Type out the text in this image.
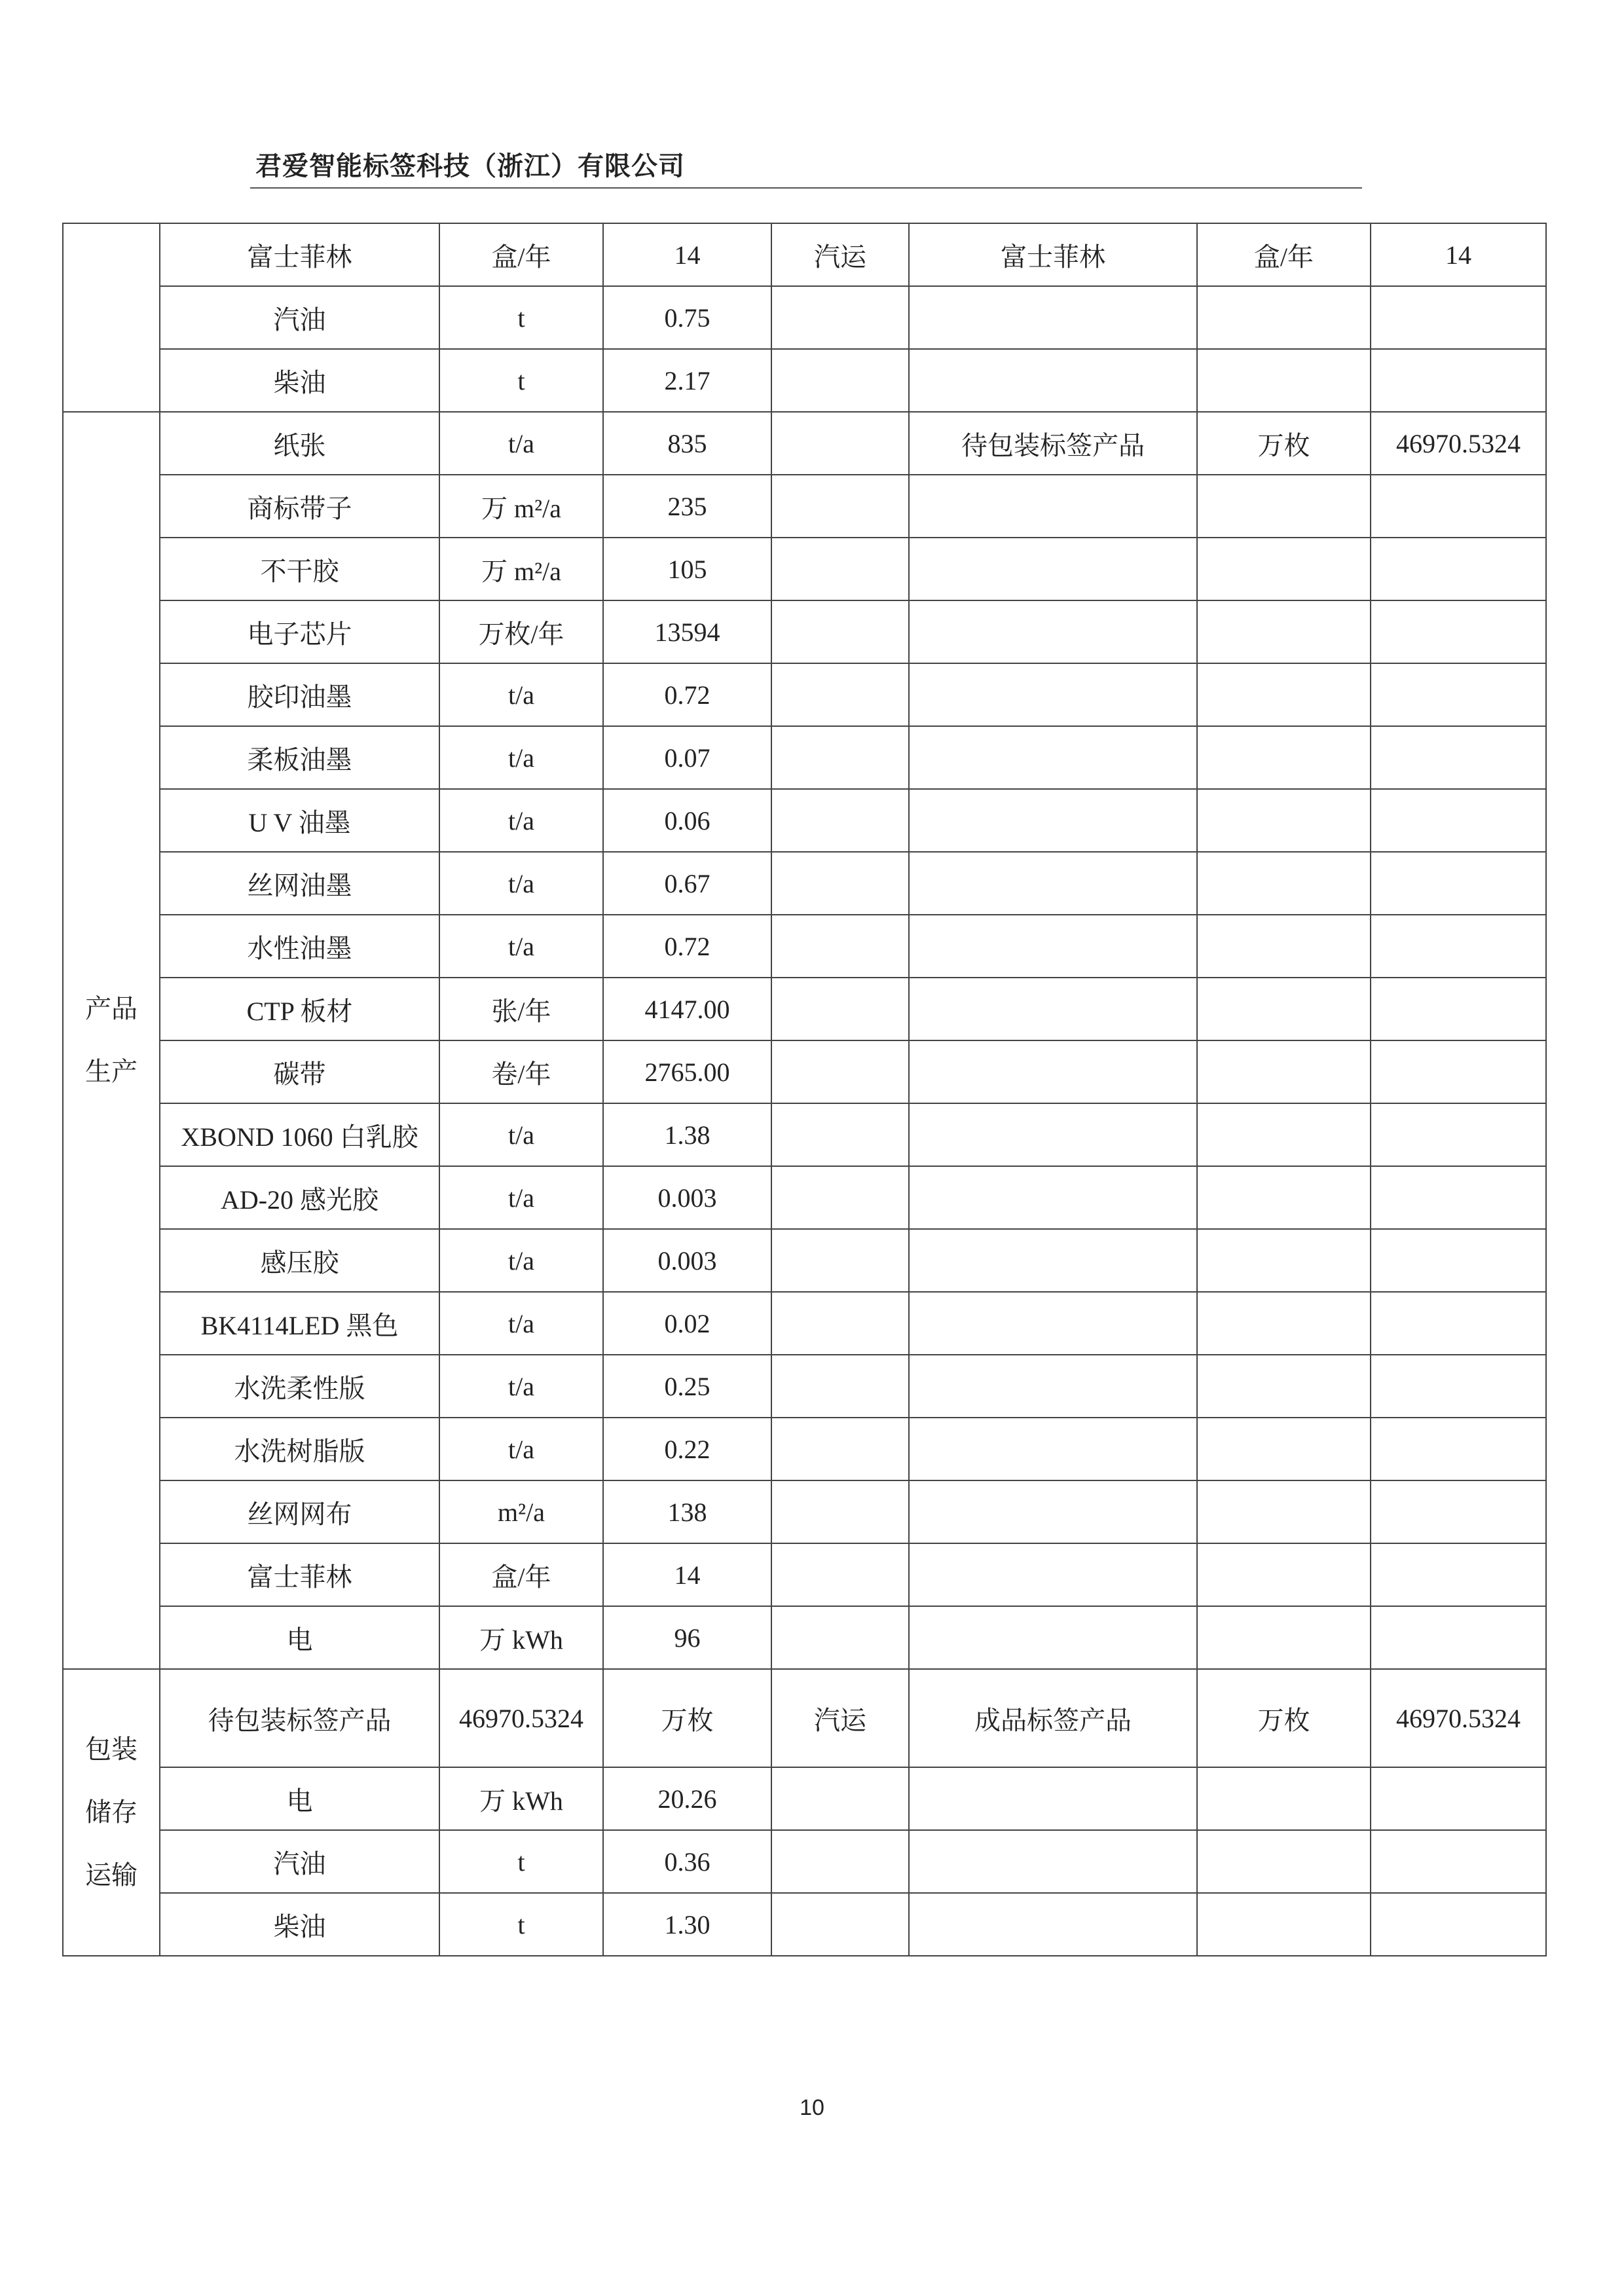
君爱智能标签科技（浙江）有限公司
	富士菲林	盒/年	14	汽运	富士菲林	盒/年	14
	汽油	t	0.75				
	柴油	t	2.17				

产品
生产	纸张	t/a	835		待包装标签产品	万枚	46970.5324
	商标带子	万 m²/a	235				
	不干胶	万 m²/a	105				
	电子芯片	万枚/年	13594				
	胶印油墨	t/a	0.72				
	柔板油墨	t/a	0.07				
	U V 油墨	t/a	0.06				
	丝网油墨	t/a	0.67				
	水性油墨	t/a	0.72				
	CTP 板材	张/年	4147.00				
	碳带	卷/年	2765.00				
	XBOND 1060 白乳胶	t/a	1.38				
	AD-20 感光胶	t/a	0.003				
	感压胶	t/a	0.003				
	BK4114LED 黑色	t/a	0.02				
	水洗柔性版	t/a	0.25				
	水洗树脂版	t/a	0.22				
	丝网网布	m²/a	138				
	富士菲林	盒/年	14				
	电	万 kWh	96				

包装
储存
运输	待包装标签产品	46970.5324	万枚	汽运	成品标签产品	万枚	46970.5324
	电	万 kWh	20.26				
	汽油	t	0.36				
	柴油	t	1.30				
10
